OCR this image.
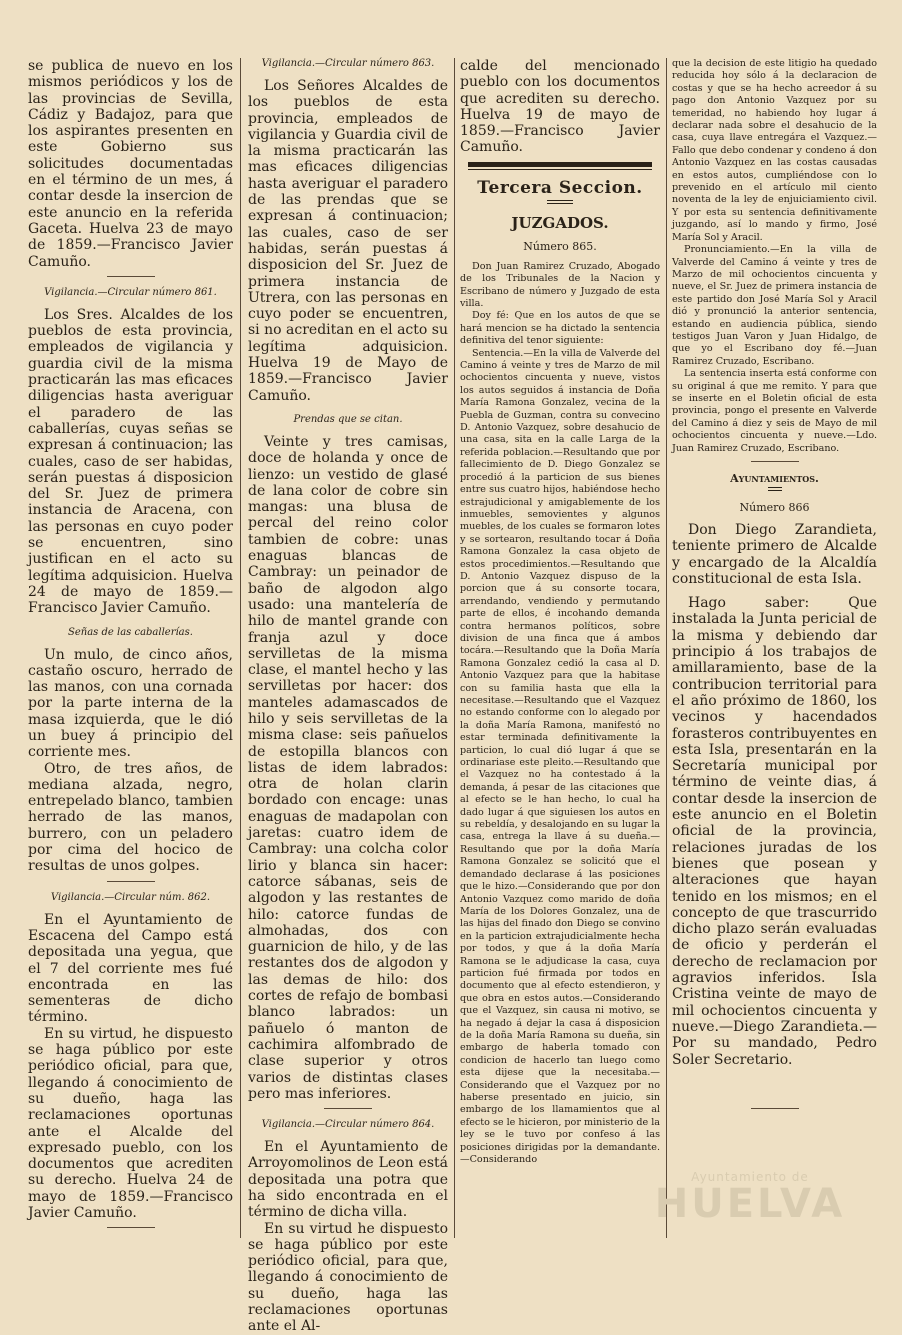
se publica de nuevo en los mismos periódicos y los de las provincias de Sevilla, Cádiz y Badajoz, para que los aspirantes presenten en este Gobierno sus solicitudes documentadas en el término de un mes, á contar desde la insercion de este anuncio en la referida Gaceta. Huelva 23 de mayo de 1859.—Francisco Javier Camuño.

Vigilancia.—Circular número 861.

Los Sres. Alcaldes de los pueblos de esta provincia, empleados de vigilancia y guardia civil de la misma practicarán las mas eficaces diligencias hasta averiguar el paradero de las caballerías, cuyas señas se expresan á continuacion; las cuales, caso de ser habidas, serán puestas á disposicion del Sr. Juez de primera instancia de Aracena, con las personas en cuyo poder se encuentren, sino justifican en el acto su legítima adquisicion. Huelva 24 de mayo de 1859.—Francisco Javier Camuño.

Señas de las caballerías.

Un mulo, de cinco años, castaño oscuro, herrado de las manos, con una cornada por la parte interna de la masa izquierda, que le dió un buey á principio del corriente mes.

Otro, de tres años, de mediana alzada, negro, entrepelado blanco, tambien herrado de las manos, burrero, con un peladero por cima del hocico de resultas de unos golpes.

Vigilancia.—Circular núm. 862.

En el Ayuntamiento de Escacena del Campo está depositada una yegua, que el 7 del corriente mes fué encontrada en las sementeras de dicho término.

En su virtud, he dispuesto se haga público por este periódico oficial, para que, llegando á conocimiento de su dueño, haga las reclamaciones oportunas ante el Alcalde del expresado pueblo, con los documentos que acrediten su derecho. Huelva 24 de mayo de 1859.—Francisco Javier Camuño.

Vigilancia.—Circular número 863.

Los Señores Alcaldes de los pueblos de esta provincia, empleados de vigilancia y Guardia civil de la misma practicarán las mas eficaces diligencias hasta averiguar el paradero de las prendas que se expresan á continuacion; las cuales, caso de ser habidas, serán puestas á disposicion del Sr. Juez de primera instancia de Utrera, con las personas en cuyo poder se encuentren, si no acreditan en el acto su legítima adquisicion. Huelva 19 de Mayo de 1859.—Francisco Javier Camuño.

Prendas que se citan.

Veinte y tres camisas, doce de holanda y once de lienzo: un vestido de glasé de lana color de cobre sin mangas: una blusa de percal del reino color tambien de cobre: unas enaguas blancas de Cambray: un peinador de baño de algodon algo usado: una mantelería de hilo de mantel grande con franja azul y doce servilletas de la misma clase, el mantel hecho y las servilletas por hacer: dos manteles adamascados de hilo y seis servilletas de la misma clase: seis pañuelos de estopilla blancos con listas de idem labrados: otra de holan clarin bordado con encage: unas enaguas de madapolan con jaretas: cuatro idem de Cambray: una colcha color lirio y blanca sin hacer: catorce sábanas, seis de algodon y las restantes de hilo: catorce fundas de almohadas, dos con guarnicion de hilo, y de las restantes dos de algodon y las demas de hilo: dos cortes de refajo de bombasi blanco labrados: un pañuelo ó manton de cachimira alfombrado de clase superior y otros varios de distintas clases pero mas inferiores.

Vigilancia.—Circular número 864.

En el Ayuntamiento de Arroyomolinos de Leon está depositada una potra que ha sido encontrada en el término de dicha villa.

En su virtud he dispuesto se haga público por este periódico oficial, para que, llegando á conocimiento de su dueño, haga las reclamaciones oportunas ante el Al-

calde del mencionado pueblo con los documentos que acrediten su derecho. Huelva 19 de mayo de 1859.—Francisco Javier Camuño.

Tercera Seccion.
JUZGADOS.
Número 865.

Don Juan Ramirez Cruzado, Abogado de los Tribunales de la Nacion y Escribano de número y Juzgado de esta villa.

Doy fé: Que en los autos de que se hará mencion se ha dictado la sentencia definitiva del tenor siguiente:

Sentencia.—En la villa de Valverde del Camino á veinte y tres de Marzo de mil ochocientos cincuenta y nueve, vistos los autos seguidos á instancia de Doña María Ramona Gonzalez, vecina de la Puebla de Guzman, contra su convecino D. Antonio Vazquez, sobre desahucio de una casa, sita en la calle Larga de la referida poblacion.—Resultando que por fallecimiento de D. Diego Gonzalez se procedió á la particion de sus bienes entre sus cuatro hijos, habiéndose hecho estrajudicional y amigablemente de los inmuebles, semovientes y algunos muebles, de los cuales se formaron lotes y se sortearon, resultando tocar á Doña Ramona Gonzalez la casa objeto de estos procedimientos.—Resultando que D. Antonio Vazquez dispuso de la porcion que á su consorte tocara, arrendando, vendiendo y permutando parte de ellos, é incohando demanda contra hermanos políticos, sobre division de una finca que á ambos tocára.—Resultando que la Doña María Ramona Gonzalez cedió la casa al D. Antonio Vazquez para que la habitase con su familia hasta que ella la necesitase.—Resultando que el Vazquez no estando conforme con lo alegado por la doña María Ramona, manifestó no estar terminada definitivamente la particion, lo cual dió lugar á que se ordinariase este pleito.—Resultando que el Vazquez no ha contestado á la demanda, á pesar de las citaciones que al efecto se le han hecho, lo cual ha dado lugar á que siguiesen los autos en su rebeldía, y desalojando en su lugar la casa, entrega la llave á su dueña.—Resultando que por la doña María Ramona Gonzalez se solicitó que el demandado declarase á las posiciones que le hizo.—Considerando que por don Antonio Vazquez como marido de doña María de los Dolores Gonzalez, una de las hijas del finado don Diego se convino en la particion extrajudicialmente hecha por todos, y que á la doña María Ramona se le adjudicase la casa, cuya particion fué firmada por todos en documento que al efecto estendieron, y que obra en estos autos.—Considerando que el Vazquez, sin causa ni motivo, se ha negado á dejar la casa á disposicion de la doña María Ramona su dueña, sin embargo de haberla tomado con condicion de hacerlo tan luego como esta dijese que la necesitaba.—Considerando que el Vazquez por no haberse presentado en juicio, sin embargo de los llamamientos que al efecto se le hicieron, por ministerio de la ley se le tuvo por confeso á las posiciones dirigidas por la demandante.—Considerando

que la decision de este litigio ha quedado reducida hoy sólo á la declaracion de costas y que se ha hecho acreedor á su pago don Antonio Vazquez por su temeridad, no habiendo hoy lugar á declarar nada sobre el desahucio de la casa, cuya llave entregára el Vazquez.—Fallo que debo condenar y condeno á don Antonio Vazquez en las costas causadas en estos autos, cumpliéndose con lo prevenido en el artículo mil ciento noventa de la ley de enjuiciamiento civil. Y por esta su sentencia definitivamente juzgando, así lo mando y firmo, José María Sol y Aracil.

Pronunciamiento.—En la villa de Valverde del Camino á veinte y tres de Marzo de mil ochocientos cincuenta y nueve, el Sr. Juez de primera instancia de este partido don José María Sol y Aracil dió y pronunció la anterior sentencia, estando en audiencia pública, siendo testigos Juan Varon y Juan Hidalgo, de que yo el Escribano doy fé.—Juan Ramirez Cruzado, Escribano.

La sentencia inserta está conforme con su original á que me remito. Y para que se inserte en el Boletin oficial de esta provincia, pongo el presente en Valverde del Camino á diez y seis de Mayo de mil ochocientos cincuenta y nueve.—Ldo. Juan Ramirez Cruzado, Escribano.

Ayuntamientos.
Número 866

Don Diego Zarandieta, teniente primero de Alcalde y encargado de la Alcaldía constitucional de esta Isla.

Hago saber: Que instalada la Junta pericial de la misma y debiendo dar principio á los trabajos de amillaramiento, base de la contribucion territorial para el año próximo de 1860, los vecinos y hacendados forasteros contribuyentes en esta Isla, presentarán en la Secretaría municipal por término de veinte dias, á contar desde la insercion de este anuncio en el Boletin oficial de la provincia, relaciones juradas de los bienes que posean y alteraciones que hayan tenido en los mismos; en el concepto de que trascurrido dicho plazo serán evaluadas de oficio y perderán el derecho de reclamacion por agravios inferidos. Isla Cristina veinte de mayo de mil ochocientos cincuenta y nueve.—Diego Zarandieta.—Por su mandado, Pedro Soler Secretario.

Ayuntamiento de
HUELVA
